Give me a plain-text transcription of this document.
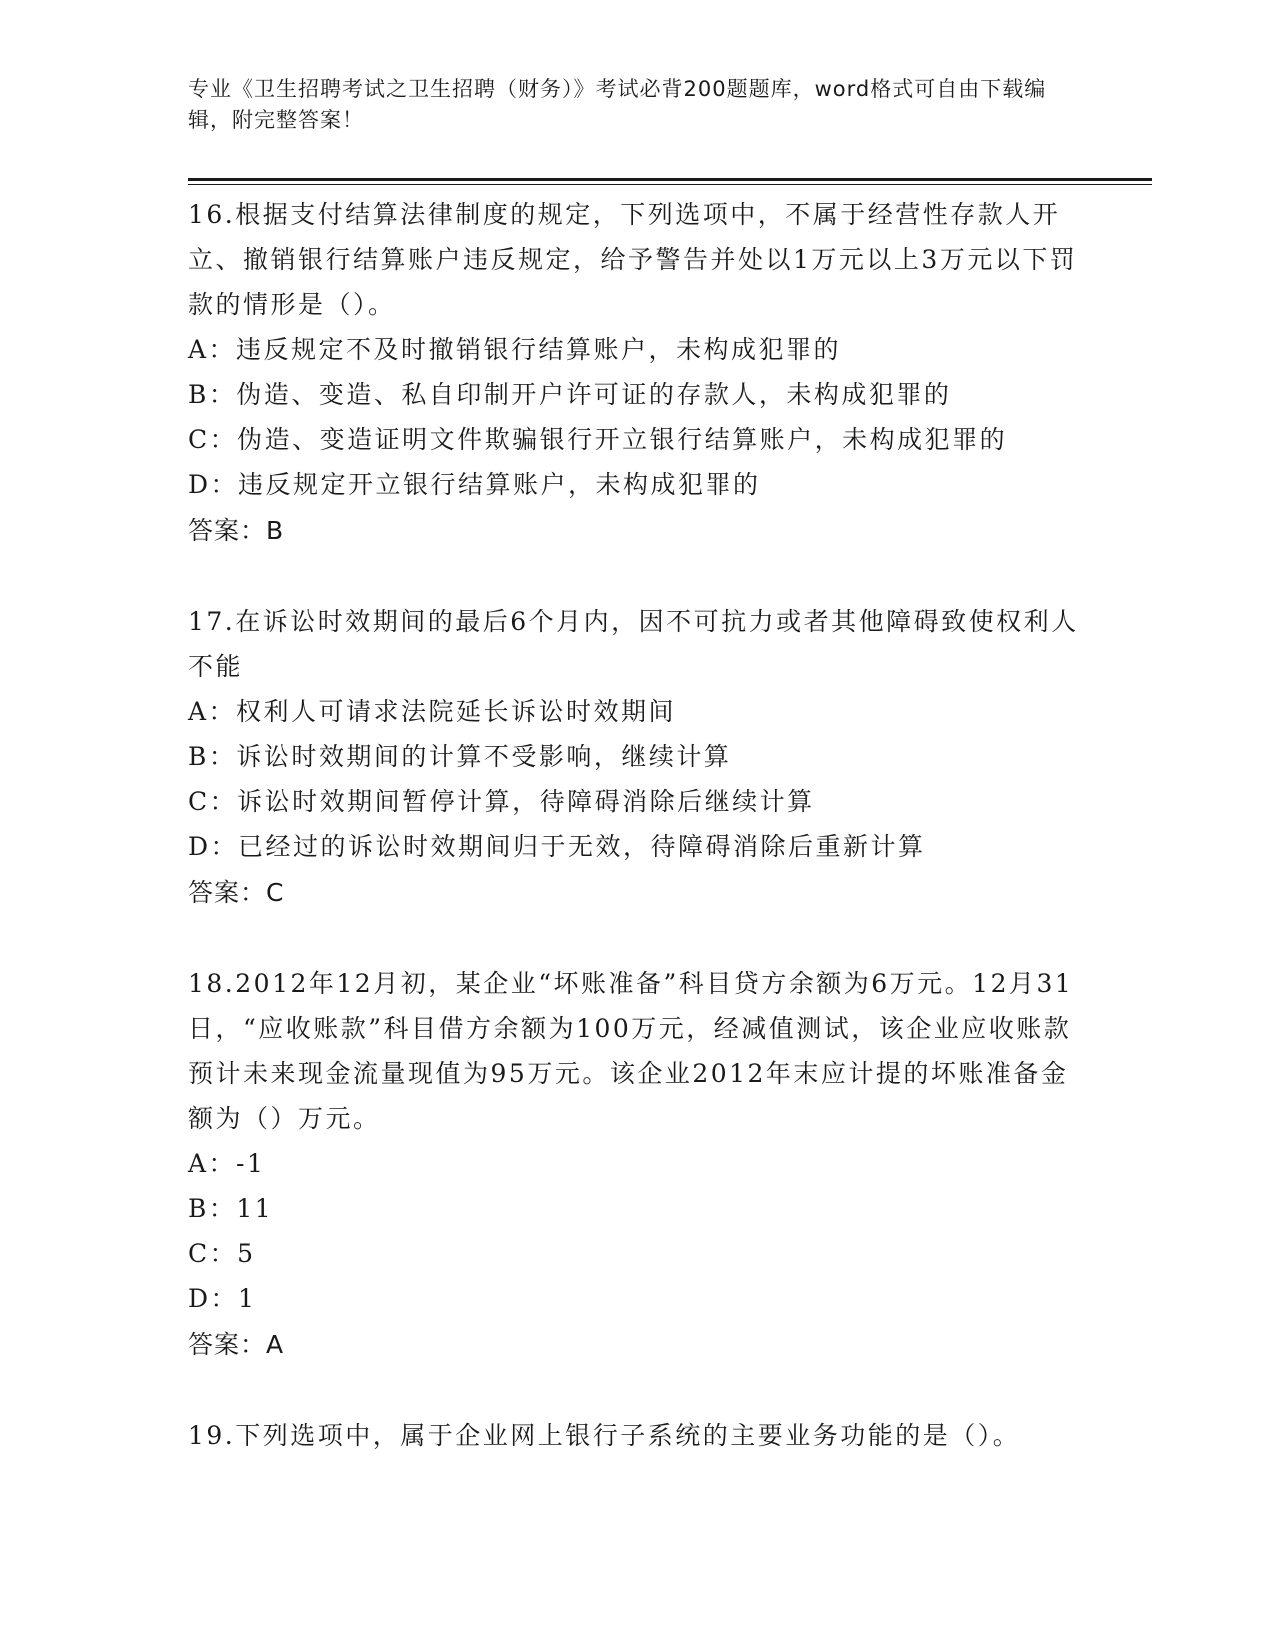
专业《卫生招聘考试之卫生招聘（财务）》考试必背200题题库，word格式可自由下载编辑，附完整答案！

16.根据支付结算法律制度的规定，下列选项中，不属于经营性存款人开立、撤销银行结算账户违反规定，给予警告并处以1万元以上3万元以下罚款的情形是（）。

A：违反规定不及时撤销银行结算账户，未构成犯罪的

B：伪造、变造、私自印制开户许可证的存款人，未构成犯罪的

C：伪造、变造证明文件欺骗银行开立银行结算账户，未构成犯罪的

D：违反规定开立银行结算账户，未构成犯罪的

答案：B

17.在诉讼时效期间的最后6个月内，因不可抗力或者其他障碍致使权利人不能

A：权利人可请求法院延长诉讼时效期间

B：诉讼时效期间的计算不受影响，继续计算

C：诉讼时效期间暂停计算，待障碍消除后继续计算

D：已经过的诉讼时效期间归于无效，待障碍消除后重新计算

答案：C

18.2012年12月初，某企业“坏账准备”科目贷方余额为6万元。12月31日，“应收账款”科目借方余额为100万元，经减值测试，该企业应收账款预计未来现金流量现值为95万元。该企业2012年末应计提的坏账准备金额为（）万元。

A：-1

B：11

C：5

D：1

答案：A

19.下列选项中，属于企业网上银行子系统的主要业务功能的是（）。
